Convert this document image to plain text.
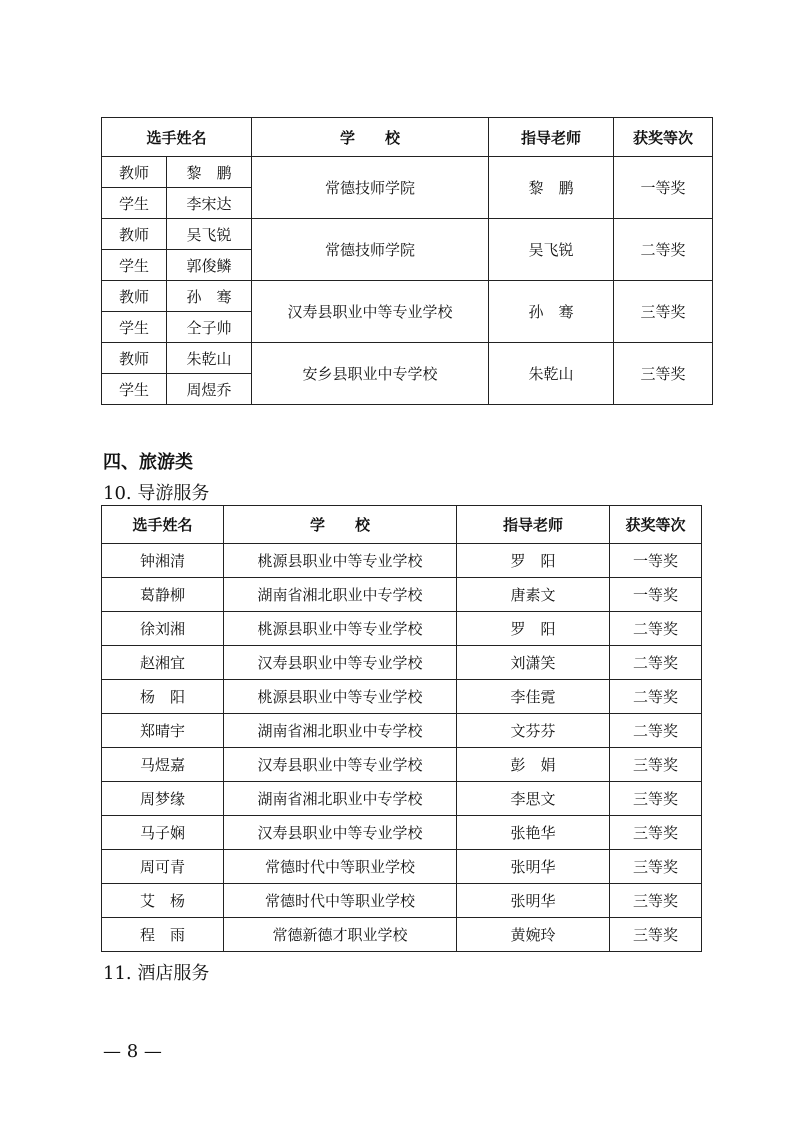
选手姓名		学　　校	指导老师	获奖等次
教师	黎　鹏	常德技师学院	黎　鹏	一等奖
学生	李宋达			
教师	吴飞锐	常德技师学院	吴飞锐	二等奖
学生	郭俊鳞			
教师	孙　骞	汉寿县职业中等专业学校	孙　骞	三等奖
学生	仝子帅			
教师	朱乾山	安乡县职业中专学校	朱乾山	三等奖
学生	周煜乔			
四、旅游类
10. 导游服务
选手姓名	学　　校	指导老师	获奖等次
钟湘清	桃源县职业中等专业学校	罗　阳	一等奖
葛静柳	湖南省湘北职业中专学校	唐素文	一等奖
徐刘湘	桃源县职业中等专业学校	罗　阳	二等奖
赵湘宜	汉寿县职业中等专业学校	刘潇笑	二等奖
杨　阳	桃源县职业中等专业学校	李佳霓	二等奖
郑晴宇	湖南省湘北职业中专学校	文芬芬	二等奖
马煜嘉	汉寿县职业中等专业学校	彭　娟	三等奖
周梦缘	湖南省湘北职业中专学校	李思文	三等奖
马子娴	汉寿县职业中等专业学校	张艳华	三等奖
周可青	常德时代中等职业学校	张明华	三等奖
艾　杨	常德时代中等职业学校	张明华	三等奖
程　雨	常德新德才职业学校	黄婉玲	三等奖
11. 酒店服务
— 8 —
